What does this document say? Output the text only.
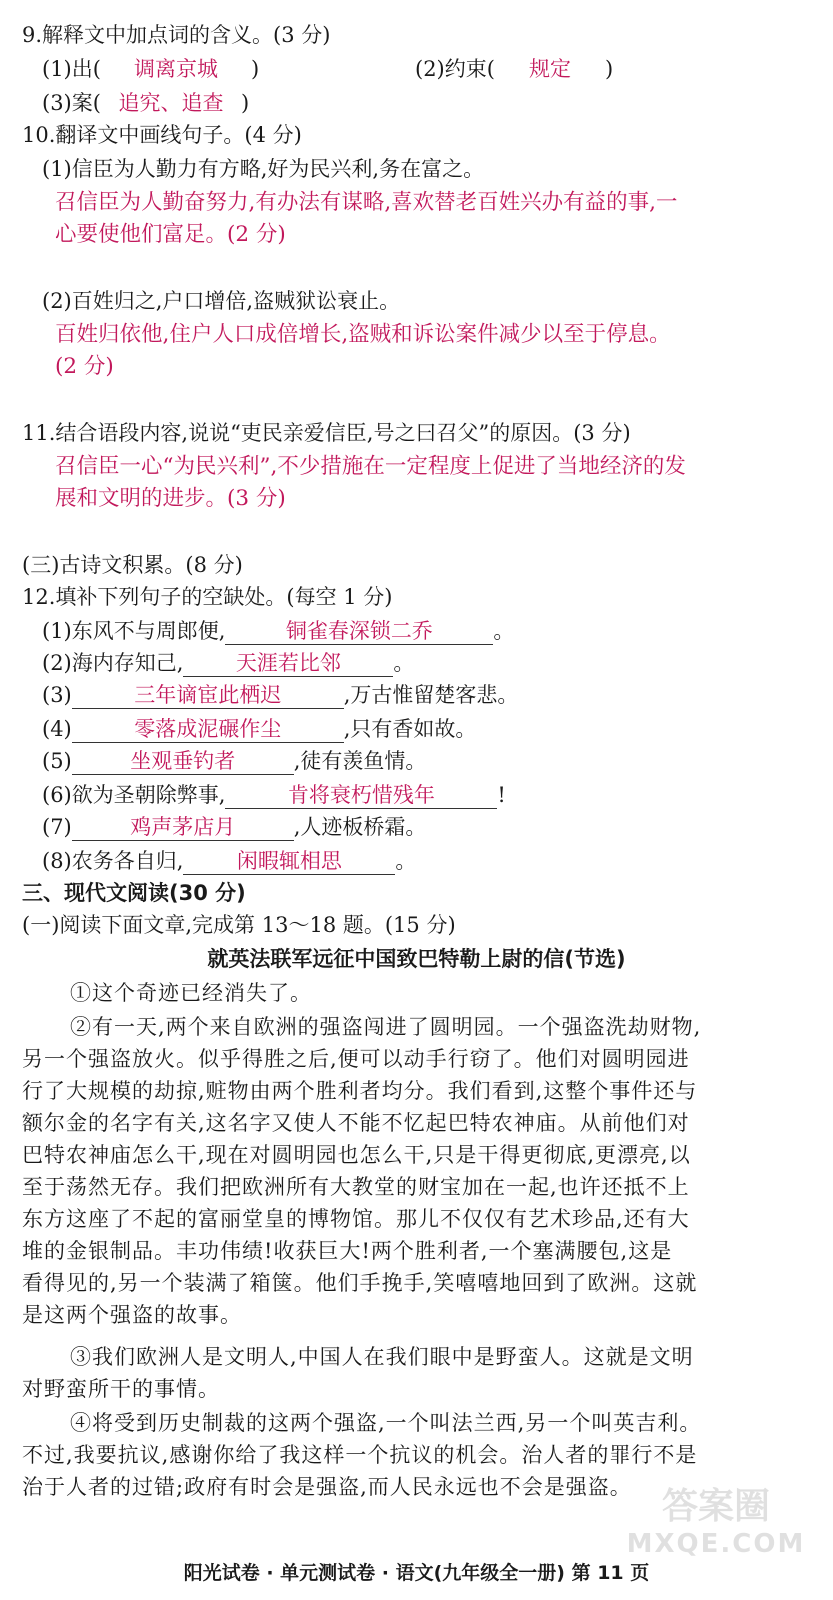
9.解释文中加点词的含义。(3 分)
(1)出( 调离京城 )	(2)约束( 规定 )
(3)案( 追究、追查 )
10.翻译文中画线句子。(4 分)
(1)信臣为人勤力有方略,好为民兴利,务在富之。
召信臣为人勤奋努力,有办法有谋略,喜欢替老百姓兴办有益的事,一
心要使他们富足。(2 分)
(2)百姓归之,户口增倍,盗贼狱讼衰止。
百姓归依他,住户人口成倍增长,盗贼和诉讼案件减少以至于停息。
(2 分)
11.结合语段内容,说说“吏民亲爱信臣,号之曰召父”的原因。(3 分)
召信臣一心“为民兴利”,不少措施在一定程度上促进了当地经济的发
展和文明的进步。(3 分)
(三)古诗文积累。(8 分)
12.填补下列句子的空缺处。(每空 1 分)
(1)东风不与周郎便,	铜雀春深锁二乔	。
(2)海内存知己,	天涯若比邻	。
(3)	三年谪宦此栖迟	,万古惟留楚客悲。
(4)	零落成泥碾作尘	,只有香如故。
(5)	坐观垂钓者	,徒有羡鱼情。
(6)欲为圣朝除弊事,	肯将衰朽惜残年	!
(7)	鸡声茅店月	,人迹板桥霜。
(8)农务各自归,	闲暇辄相思	。
三、现代文阅读(30 分)
(一)阅读下面文章,完成第 13～18 题。(15 分)
就英法联军远征中国致巴特勒上尉的信(节选)
①这个奇迹已经消失了。
②有一天,两个来自欧洲的强盗闯进了圆明园。一个强盗洗劫财物,
另一个强盗放火。似乎得胜之后,便可以动手行窃了。他们对圆明园进
行了大规模的劫掠,赃物由两个胜利者均分。我们看到,这整个事件还与
额尔金的名字有关,这名字又使人不能不忆起巴特农神庙。从前他们对
巴特农神庙怎么干,现在对圆明园也怎么干,只是干得更彻底,更漂亮,以
至于荡然无存。我们把欧洲所有大教堂的财宝加在一起,也许还抵不上
东方这座了不起的富丽堂皇的博物馆。那儿不仅仅有艺术珍品,还有大
堆的金银制品。丰功伟绩!收获巨大!两个胜利者,一个塞满腰包,这是
看得见的,另一个装满了箱箧。他们手挽手,笑嘻嘻地回到了欧洲。这就
是这两个强盗的故事。
③我们欧洲人是文明人,中国人在我们眼中是野蛮人。这就是文明
对野蛮所干的事情。
④将受到历史制裁的这两个强盗,一个叫法兰西,另一个叫英吉利。
不过,我要抗议,感谢你给了我这样一个抗议的机会。治人者的罪行不是
治于人者的过错;政府有时会是强盗,而人民永远也不会是强盗。 答案圈
MXQE.COM
阳光试卷 · 单元测试卷 · 语文(九年级全一册) 第 11 页
